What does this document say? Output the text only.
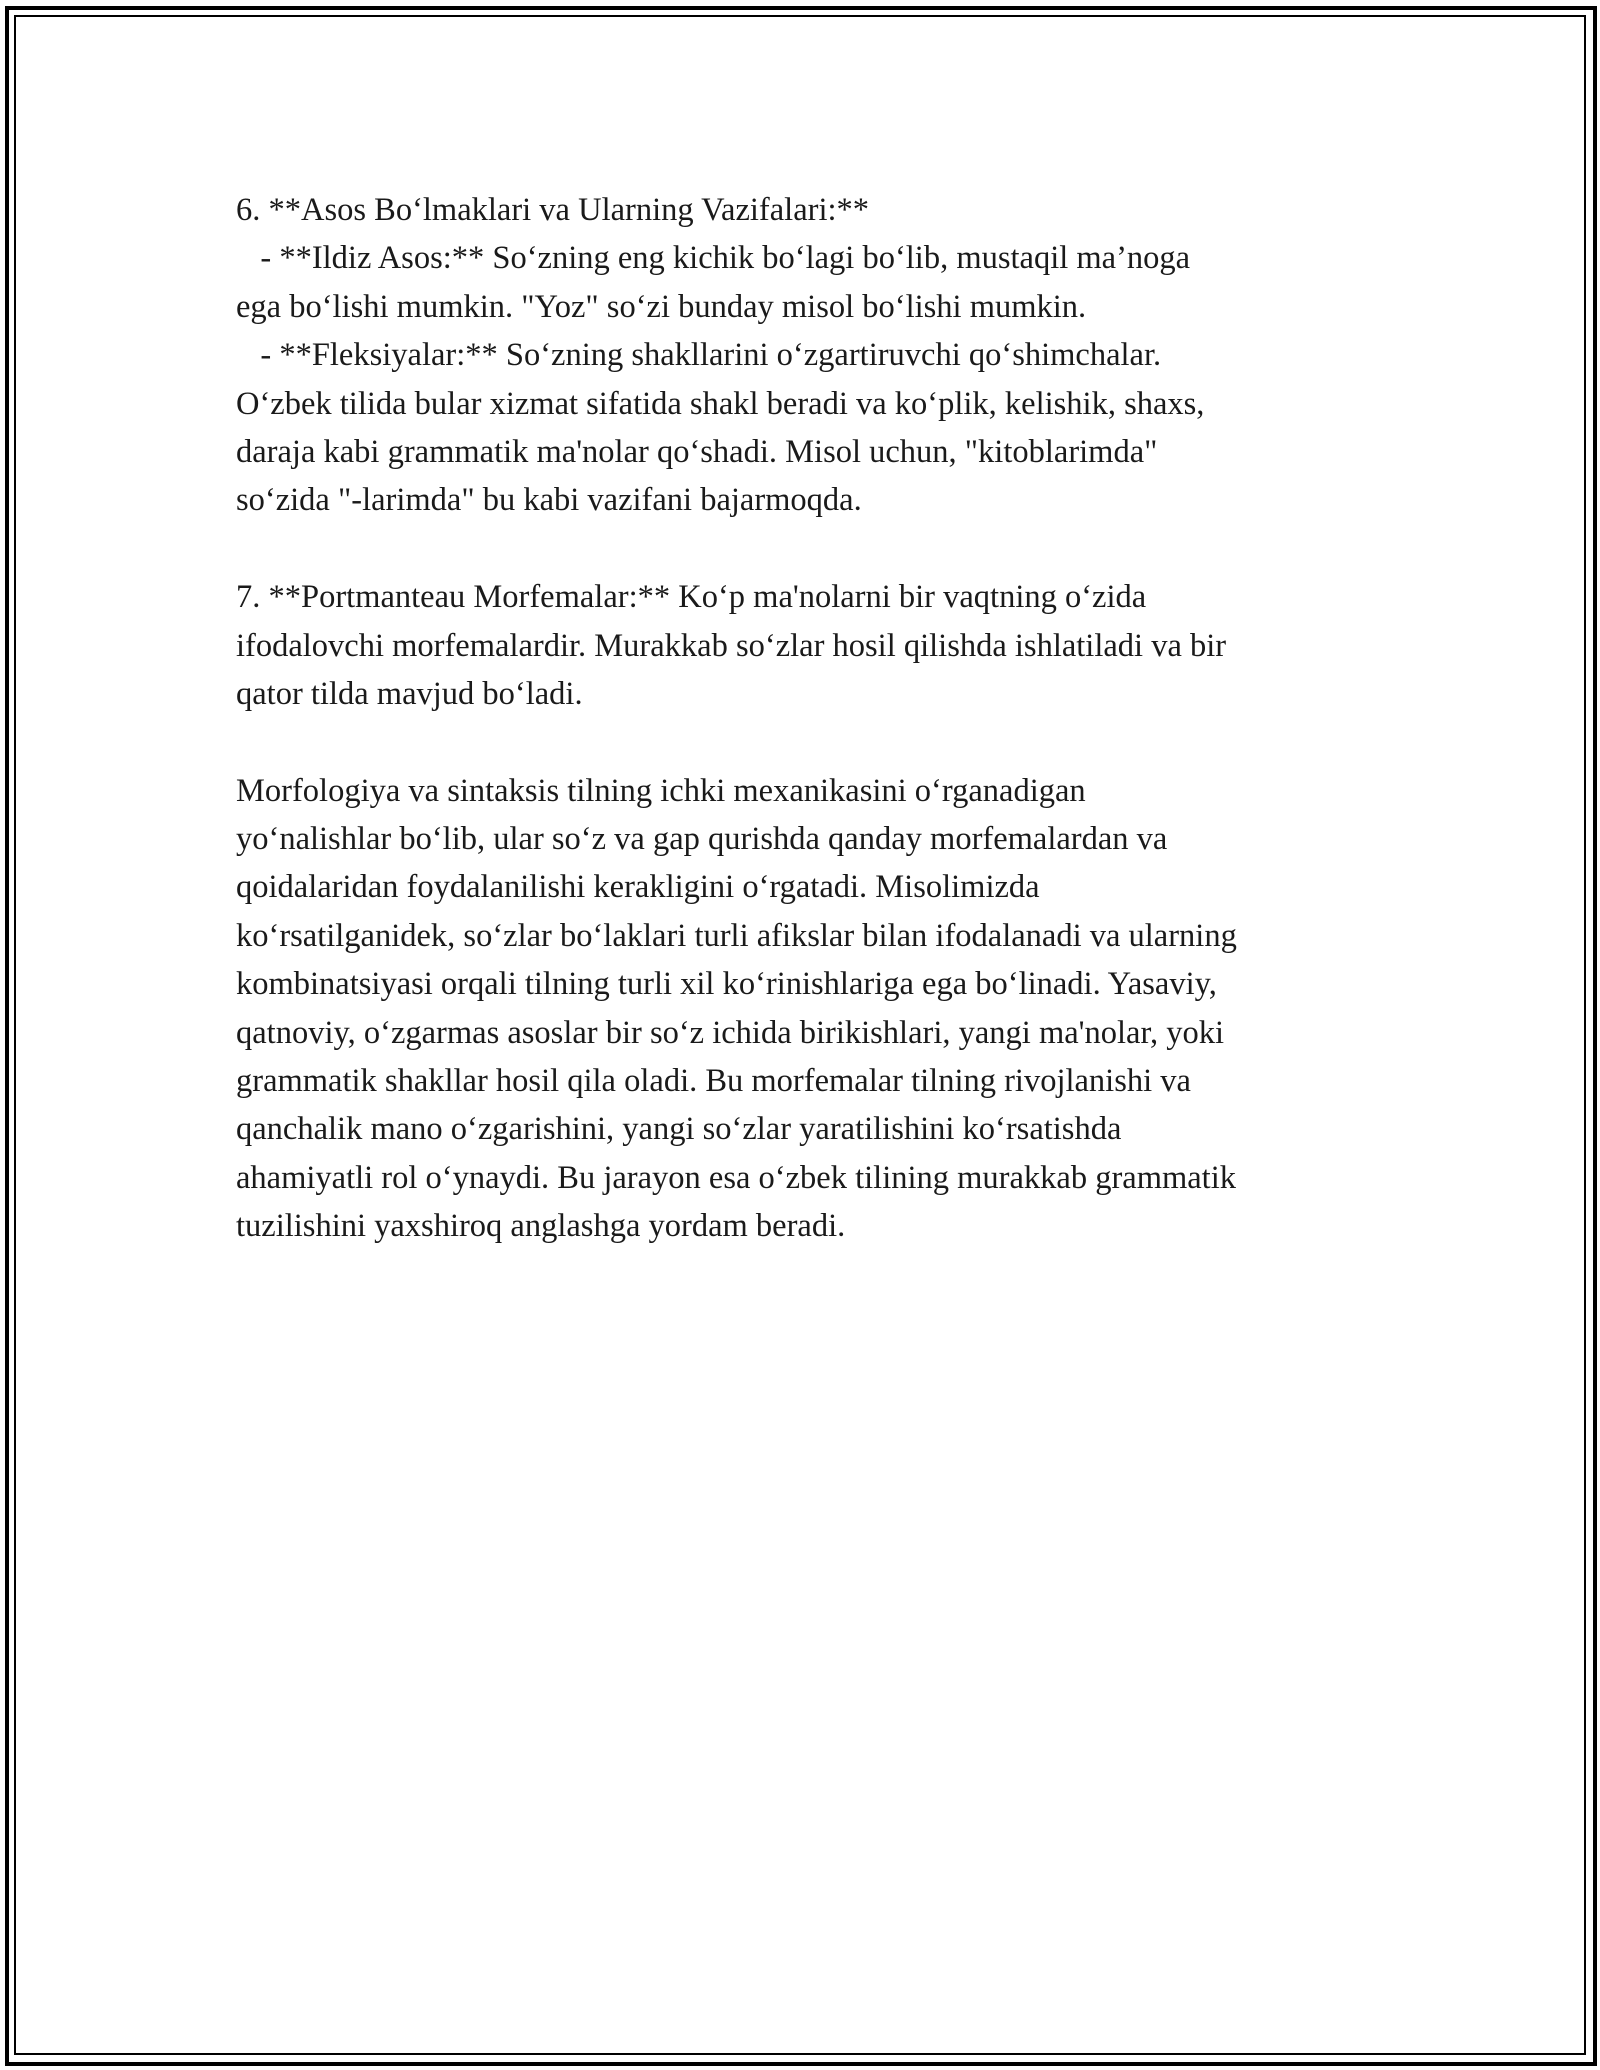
6. **Asos Bo‘lmaklari va Ularning Vazifalari:**
- **Ildiz Asos:** So‘zning eng kichik bo‘lagi bo‘lib, mustaqil ma’noga
ega bo‘lishi mumkin. "Yoz" so‘zi bunday misol bo‘lishi mumkin.
- **Fleksiyalar:** So‘zning shakllarini o‘zgartiruvchi qo‘shimchalar.
O‘zbek tilida bular xizmat sifatida shakl beradi va ko‘plik, kelishik, shaxs,
daraja kabi grammatik ma'nolar qo‘shadi. Misol uchun, "kitoblarimda"
so‘zida "-larimda" bu kabi vazifani bajarmoqda.
7. **Portmanteau Morfemalar:** Ko‘p ma'nolarni bir vaqtning o‘zida
ifodalovchi morfemalardir. Murakkab so‘zlar hosil qilishda ishlatiladi va bir
qator tilda mavjud bo‘ladi.
Morfologiya va sintaksis tilning ichki mexanikasini o‘rganadigan
yo‘nalishlar bo‘lib, ular so‘z va gap qurishda qanday morfemalardan va
qoidalaridan foydalanilishi kerakligini o‘rgatadi. Misolimizda
ko‘rsatilganidek, so‘zlar bo‘laklari turli afikslar bilan ifodalanadi va ularning
kombinatsiyasi orqali tilning turli xil ko‘rinishlariga ega bo‘linadi. Yasaviy,
qatnoviy, o‘zgarmas asoslar bir so‘z ichida birikishlari, yangi ma'nolar, yoki
grammatik shakllar hosil qila oladi. Bu morfemalar tilning rivojlanishi va
qanchalik mano o‘zgarishini, yangi so‘zlar yaratilishini ko‘rsatishda
ahamiyatli rol o‘ynaydi. Bu jarayon esa o‘zbek tilining murakkab grammatik
tuzilishini yaxshiroq anglashga yordam beradi.
